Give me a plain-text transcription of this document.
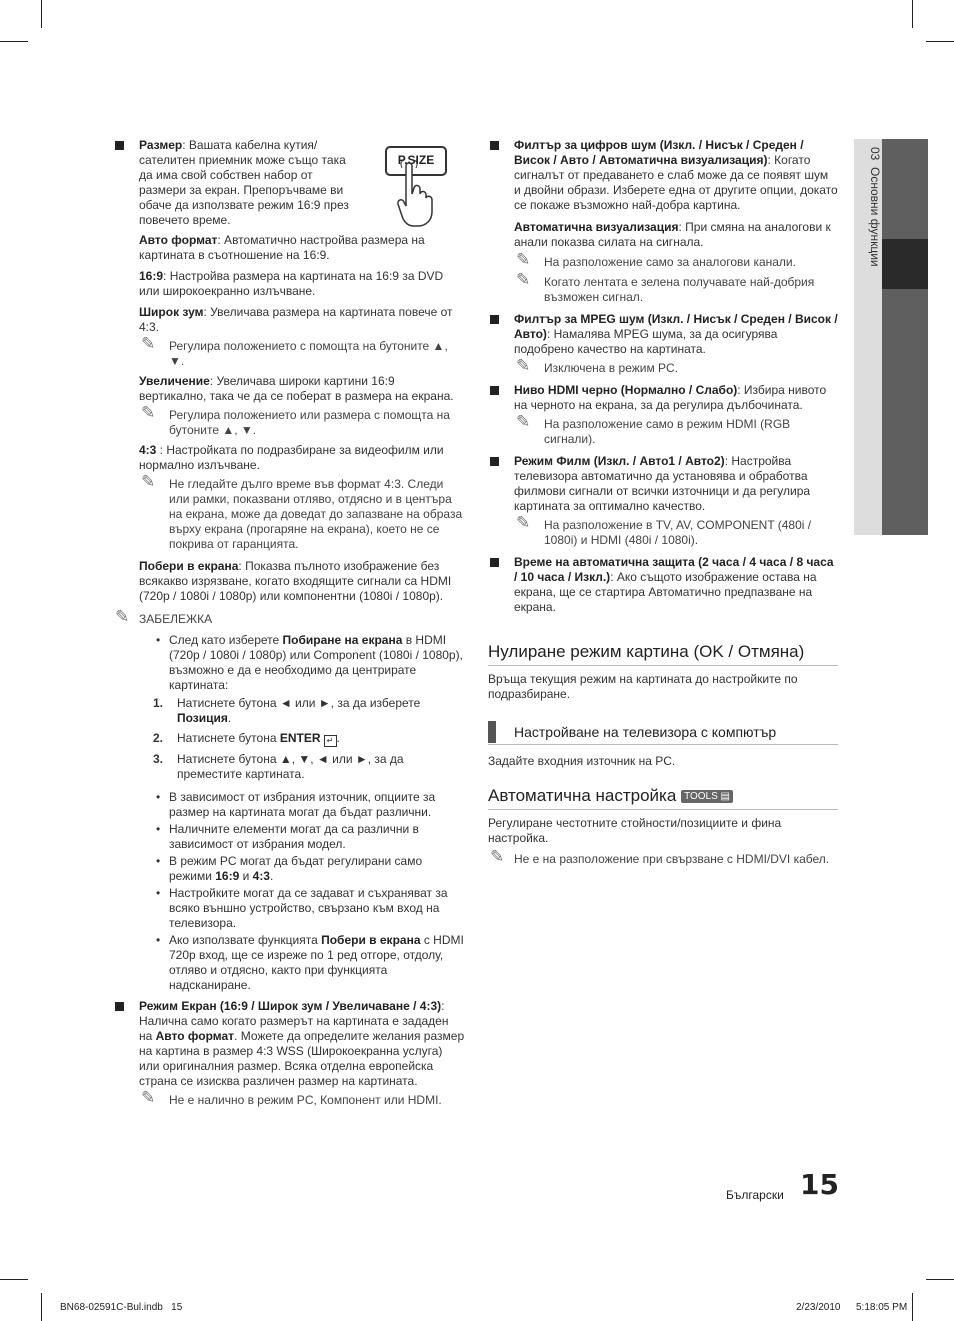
P.SIZE
Размер: Вашата кабелна кутия/ сателитен приемник може също така да има свой собствен набор от размери за екран. Препоръчваме ви обаче да използвате режим 16:9 през повечето време.
Авто формат: Автоматично настройва размера на картината в съотношение на 16:9.
16:9: Настройва размера на картината на 16:9 за DVD или широкоекранно излъчване.
Широк зум: Увеличава размера на картината повече от 4:3.
✎ Регулира положението с помощта на бутоните ▲, ▼.
Увеличение: Увеличава широки картини 16:9 вертикално, така че да се поберат в размера на екрана.
✎ Регулира положението или размера с помощта на бутоните ▲, ▼.
4:3 : Настройката по подразбиране за видеофилм или нормално излъчване.
✎ Не гледайте дълго време във формат 4:3. Следи или рамки, показвани отляво, отдясно и в центъра на екрана, може да доведат до запазване на образа върху екрана (прогаряне на екрана), което не се покрива от гаранцията.
Побери в екрана: Показва пълното изображение без всякакво изрязване, когато входящите сигнали са HDMI (720p / 1080i / 1080p) или компонентни (1080i / 1080p).
✎ ЗАБЕЛЕЖКА
• След като изберете Побиране на екрана в HDMI (720p / 1080i / 1080p) или Component (1080i / 1080p), възможно е да е необходимо да центрирате картината:
1. Натиснете бутона ◄ или ►, за да изберете Позиция.
2. Натиснете бутона ENTER ↵ .
3. Натиснете бутона ▲, ▼, ◄ или ►, за да преместите картината.
• В зависимост от избрания източник, опциите за размер на картината могат да бъдат различни.
• Наличните елементи могат да са различни в зависимост от избрания модел.
• В режим PC могат да бъдат регулирани само режими 16:9 и 4:3.
• Настройките могат да се задават и съхраняват за всяко външно устройство, свързано към вход на телевизора.
• Ако използвате функцията Побери в екрана с HDMI 720p вход, ще се изреже по 1 ред отгоре, отдолу, отляво и отдясно, както при функцията надсканиране.
Режим Екран (16:9 / Широк зум / Увеличаване / 4:3): Налична само когато размерът на картината е зададен на Авто формат. Можете да определите желания размер на картина в размер 4:3 WSS (Широкоекранна услуга) или оригиналния размер. Всяка отделна европейска страна се изисква различен размер на картината.
✎ Не е налично в режим PC, Компонент или HDMI.
Филтър за цифров шум (Изкл. / Нисък / Среден / Висок / Авто / Автоматична визуализация): Когато сигналът от предаването е слаб може да се появят шум и двойни образи. Изберете една от другите опции, докато се покаже възможно най-добра картина.
Автоматична визуализация: При смяна на аналогови к анали показва силата на сигнала.
✎ На разположение само за аналогови канали.
✎ Когато лентата е зелена получавате най-добрия възможен сигнал.
Филтър за MPEG шум (Изкл. / Нисък / Среден / Висок / Авто): Намалява MPEG шума, за да осигурява подобрено качество на картината.
✎ Изключена в режим PC.
Ниво HDMI черно (Нормално / Слабо): Избира нивото на черното на екрана, за да регулира дълбочината.
✎ На разположение само в режим HDMI (RGB сигнали).
Режим Филм (Изкл. / Авто1 / Авто2): Настройва телевизора автоматично да установява и обработва филмови сигнали от всички източници и да регулира картината за оптимално качество.
✎ На разположение в TV, AV, COMPONENT (480i / 1080i) и HDMI (480i / 1080i).
Време на автоматична защита (2 часа / 4 часа / 8 часа / 10 часа / Изкл.): Ако същото изображение остава на екрана, ще се стартира Автоматично предпазване на екрана.
Нулиране режим картина (OK / Отмяна)

Връща текущия режим на картината до настройките по подразбиране.

Настройване на телевизора с компютър

Задайте входния източник на PC.

Автоматична настройка TOOLS ▤

Регулиране честотните стойности/позициите и фина настройка.

✎ Не е на разположение при свързване с HDMI/DVI кабел.
03  Основни функции
Български 15
BN68-02591C-Bul.indb   15	2/23/2010 5:18:05 PM
